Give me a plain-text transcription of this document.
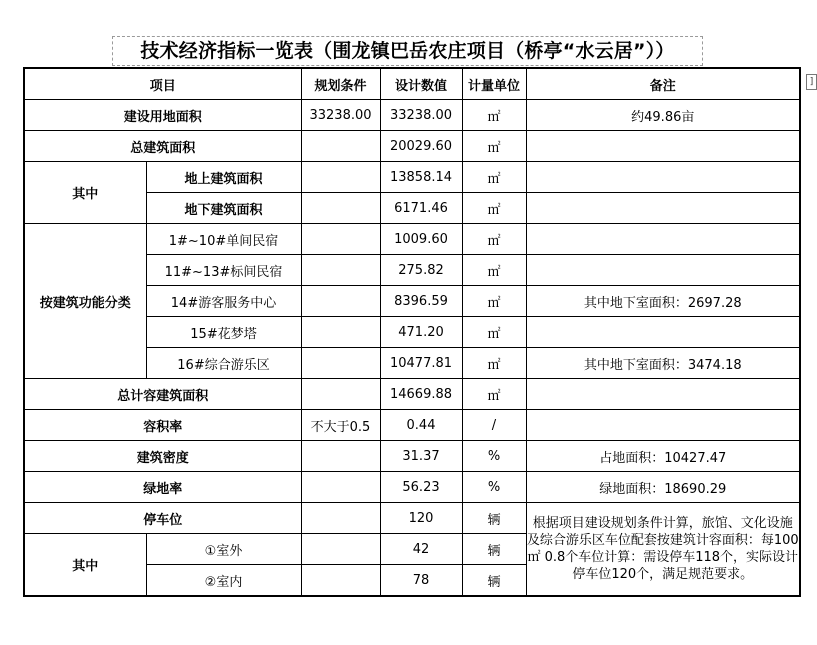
技术经济指标一览表（围龙镇巴岳农庄项目（桥亭“水云居”））
]
项目		规划条件	设计数值	计量单位	备注
建设用地面积		33238.00	33238.00	㎡	约49.86亩
总建筑面积			20029.60	㎡	
其中	地上建筑面积		13858.14	㎡	
	地下建筑面积		6171.46	㎡	
按建筑功能分类	1#~10#单间民宿		1009.60	㎡	
	11#~13#标间民宿		275.82	㎡	
	14#游客服务中心		8396.59	㎡	其中地下室面积：2697.28
	15#花梦塔		471.20	㎡	
	16#综合游乐区		10477.81	㎡	其中地下室面积：3474.18
总计容建筑面积			14669.88	㎡	
容积率		不大于0.5	0.44	/	
建筑密度			31.37	%	占地面积：10427.47
绿地率			56.23	%	绿地面积：18690.29
停车位			120	辆	根据项目建设规划条件计算，旅馆、文化设施及综合游乐区车位配套按建筑计容面积：每100㎡ 0.8个车位计算：需设停车118个，实际设计停车位120个，满足规范要求。
其中	①室外		42	辆	
	②室内		78	辆	
